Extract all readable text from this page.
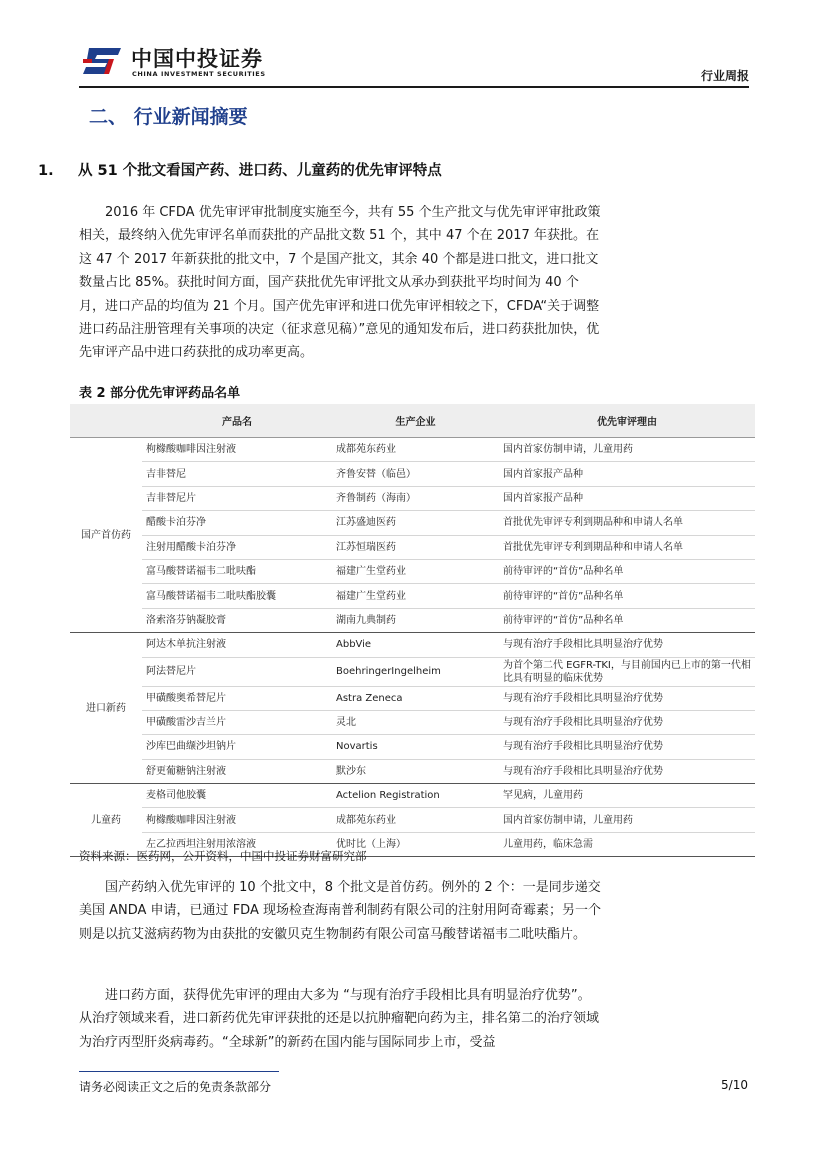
中国中投证券
CHINA INVESTMENT SECURITIES	行业周报
二、 行业新闻摘要
1. 从 51 个批文看国产药、进口药、儿童药的优先审评特点

2016 年 CFDA 优先审评审批制度实施至今，共有 55 个生产批文与优先审评审批政策相关，最终纳入优先审评名单而获批的产品批文数 51 个，其中 47 个在 2017 年获批。在这 47 个 2017 年新获批的批文中，7 个是国产批文，其余 40 个都是进口批文，进口批文数量占比 85%。获批时间方面，国产获批优先审评批文从承办到获批平均时间为 40 个月，进口产品的均值为 21 个月。国产优先审评和进口优先审评相较之下，CFDA“关于调整进口药品注册管理有关事项的决定（征求意见稿）”意见的通知发布后，进口药获批加快，优先审评产品中进口药获批的成功率更高。

表 2 部分优先审评药品名单
	产品名	生产企业	优先审评理由
国产首仿药	枸橼酸咖啡因注射液	成都苑东药业	国内首家仿制申请，儿童用药
	吉非替尼	齐鲁安替（临邑）	国内首家报产品种
	吉非替尼片	齐鲁制药（海南）	国内首家报产品种
	醋酸卡泊芬净	江苏盛迪医药	首批优先审评专利到期品种和申请人名单
	注射用醋酸卡泊芬净	江苏恒瑞医药	首批优先审评专利到期品种和申请人名单
	富马酸替诺福韦二吡呋酯	福建广生堂药业	前待审评的“首仿”品种名单
	富马酸替诺福韦二吡呋酯胶囊	福建广生堂药业	前待审评的“首仿”品种名单
	洛索洛芬钠凝胶膏	湖南九典制药	前待审评的“首仿”品种名单
进口新药	阿达木单抗注射液	AbbVie	与现有治疗手段相比具明显治疗优势
	阿法替尼片	BoehringerIngelheim	为首个第二代 EGFR-TKI，与目前国内已上市的第一代相比具有明显的临床优势
	甲磺酸奥希替尼片	Astra Zeneca	与现有治疗手段相比具明显治疗优势
	甲磺酸雷沙吉兰片	灵北	与现有治疗手段相比具明显治疗优势
	沙库巴曲缬沙坦钠片	Novartis	与现有治疗手段相比具明显治疗优势
	舒更葡糖钠注射液	默沙东	与现有治疗手段相比具明显治疗优势
儿童药	麦格司他胶囊	Actelion Registration	罕见病，儿童用药
	枸橼酸咖啡因注射液	成都苑东药业	国内首家仿制申请，儿童用药
	左乙拉西坦注射用浓溶液	优时比（上海）	儿童用药，临床急需
资料来源：医药网，公开资料，中国中投证券财富研究部

国产药纳入优先审评的 10 个批文中，8 个批文是首仿药。例外的 2 个：一是同步递交美国 ANDA 申请，已通过 FDA 现场检查海南普利制药有限公司的注射用阿奇霉素；另一个则是以抗艾滋病药物为由获批的安徽贝克生物制药有限公司富马酸替诺福韦二吡呋酯片。

进口药方面，获得优先审评的理由大多为 “与现有治疗手段相比具有明显治疗优势”。从治疗领域来看，进口新药优先审评获批的还是以抗肿瘤靶向药为主，排名第二的治疗领域为治疗丙型肝炎病毒药。“全球新”的新药在国内能与国际同步上市，受益

请务必阅读正文之后的免责条款部分	5/10
